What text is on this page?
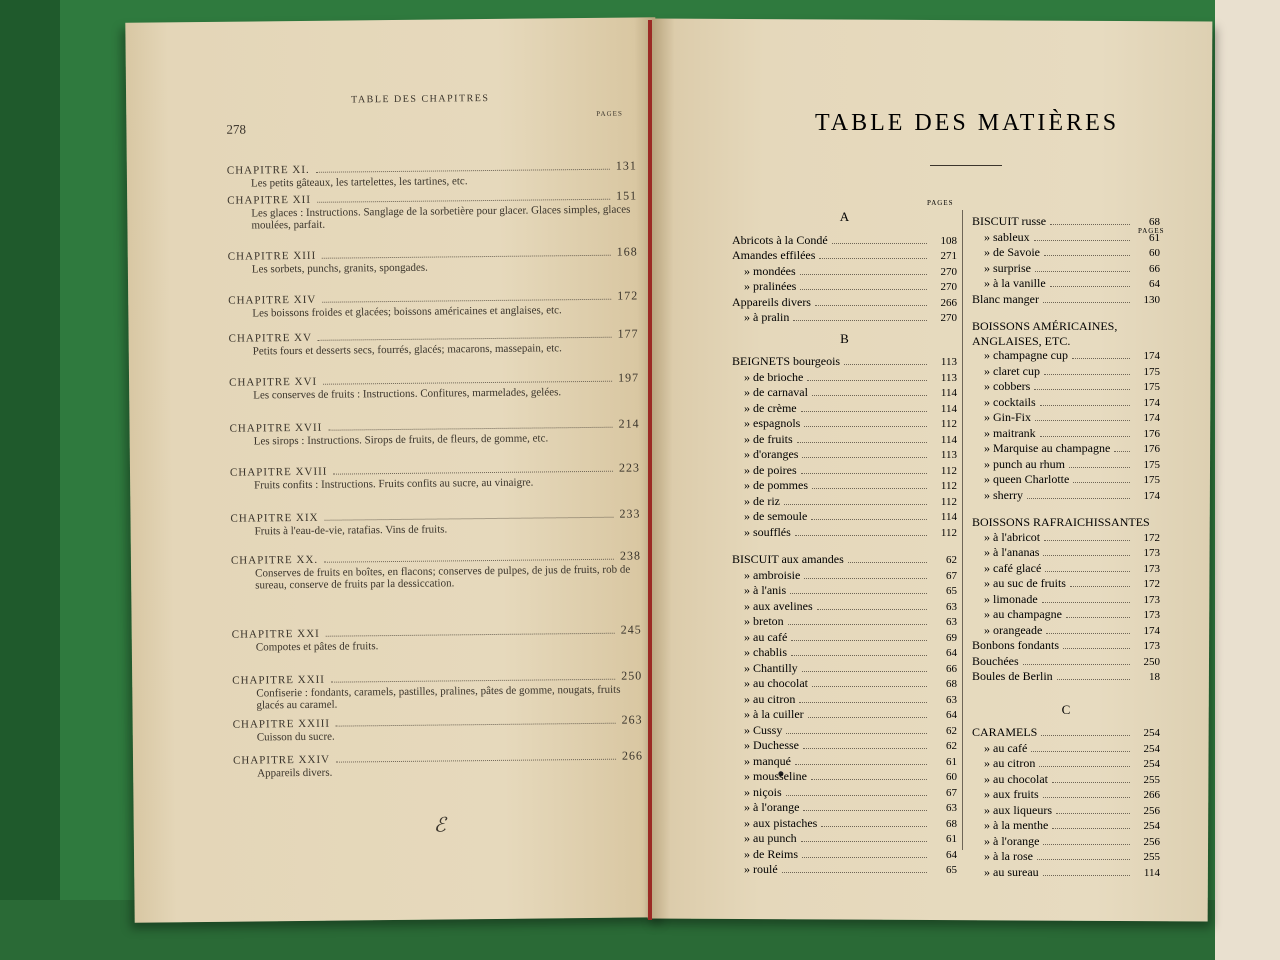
TABLE DES CHAPITRES
278
PAGES
CHAPITRE XI.	131
Les petits gâteaux, les tartelettes, les tartines, etc.
CHAPITRE XII	151
Les glaces : Instructions. Sanglage de la sorbetière pour glacer. Glaces simples, glaces moulées, parfait.
CHAPITRE XIII	168
Les sorbets, punchs, granits, spongades.
CHAPITRE XIV	172
Les boissons froides et glacées; boissons américaines et anglaises, etc.
CHAPITRE XV	177
Petits fours et desserts secs, fourrés, glacés; macarons, massepain, etc.
CHAPITRE XVI	197
Les conserves de fruits : Instructions. Confitures, marmelades, gelées.
CHAPITRE XVII	214
Les sirops : Instructions. Sirops de fruits, de fleurs, de gomme, etc.
CHAPITRE XVIII	223
Fruits confits : Instructions. Fruits confits au sucre, au vinaigre.
CHAPITRE XIX	233
Fruits à l'eau-de-vie, ratafias. Vins de fruits.
CHAPITRE XX.	238
Conserves de fruits en boîtes, en flacons; conserves de pulpes, de jus de fruits, rob de sureau, conserve de fruits par la dessiccation.
CHAPITRE XXI	245
Compotes et pâtes de fruits.
CHAPITRE XXII	250
Confiserie : fondants, caramels, pastilles, pralines, pâtes de gomme, nougats, fruits glacés au caramel.
CHAPITRE XXIII	263
Cuisson du sucre.
CHAPITRE XXIV	266
Appareils divers.
ℰ
TABLE DES MATIÈRES
PAGES
A
Abricots à la Condé	108
Amandes effilées	271
» mondées	270
» pralinées	270
Appareils divers	266
» à pralin	270
B
BEIGNETS bourgeois	113
» de brioche	113
» de carnaval	114
» de crème	114
» espagnols	112
» de fruits	114
» d'oranges	113
» de poires	112
» de pommes	112
» de riz	112
» de semoule	114
» soufflés	112
BISCUIT aux amandes	62
» ambroisie	67
» à l'anis	65
» aux avelines	63
» breton	63
» au café	69
» chablis	64
» Chantilly	66
» au chocolat	68
» au citron	63
» à la cuiller	64
» Cussy	62
» Duchesse	62
» manqué	61
» mousseline	60
» niçois	67
» à l'orange	63
» aux pistaches	68
» au punch	61
» de Reims	64
» roulé	65
PAGES
BISCUIT russe	68
» sableux	61
» de Savoie	60
» surprise	66
» à la vanille	64
Blanc manger	130
BOISSONS AMÉRICAINES, ANGLAISES, ETC.
» champagne cup	174
» claret cup	175
» cobbers	175
» cocktails	174
» Gin-Fix	174
» maitrank	176
» Marquise au champagne	176
» punch au rhum	175
» queen Charlotte	175
» sherry	174
BOISSONS RAFRAICHISSANTES
» à l'abricot	172
» à l'ananas	173
» café glacé	173
» au suc de fruits	172
» limonade	173
» au champagne	173
» orangeade	174
Bonbons fondants	173
Bouchées	250
Boules de Berlin	18
C
CARAMELS	254
» au café	254
» au citron	254
» au chocolat	255
» aux fruits	266
» aux liqueurs	256
» à la menthe	254
» à l'orange	256
» à la rose	255
» au sureau	114
